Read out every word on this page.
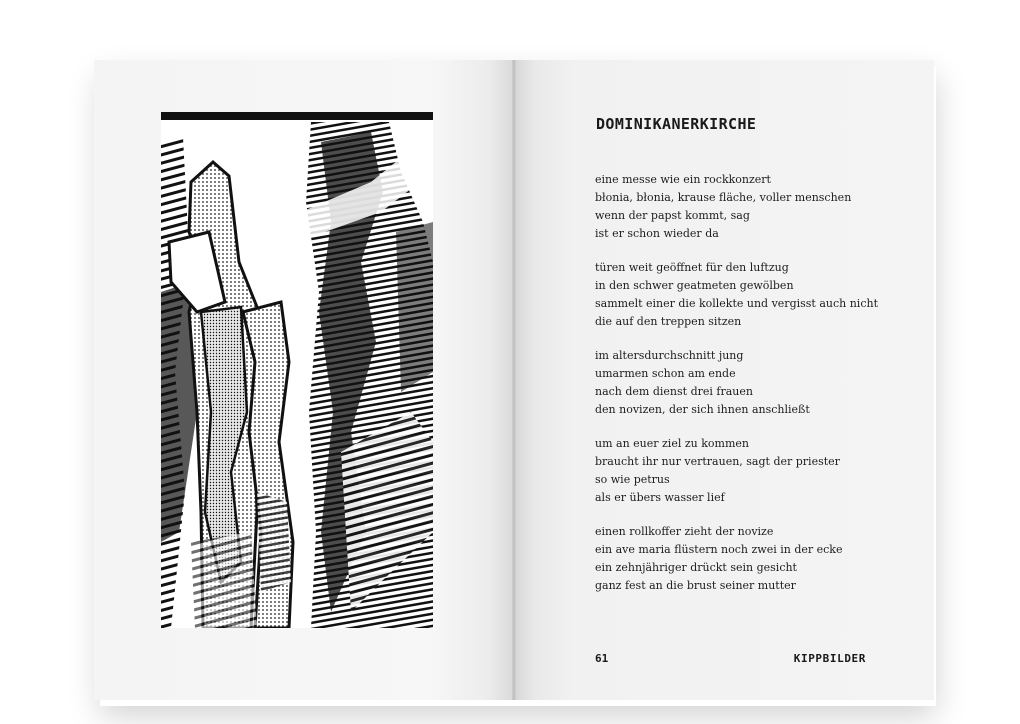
DOMINIKANERKIRCHE
eine messe wie ein rockkonzert
błonia, błonia, krause fläche, voller menschen
wenn der papst kommt, sag
ist er schon wieder da
türen weit geöffnet für den luftzug
in den schwer geatmeten gewölben
sammelt einer die kollekte und vergisst auch nicht
die auf den treppen sitzen
im altersdurchschnitt jung
umarmen schon am ende
nach dem dienst drei frauen
den novizen, der sich ihnen anschließt
um an euer ziel zu kommen
braucht ihr nur vertrauen, sagt der priester
so wie petrus
als er übers wasser lief
einen rollkoffer zieht der novize
ein ave maria flüstern noch zwei in der ecke
ein zehnjähriger drückt sein gesicht
ganz fest an die brust seiner mutter
61	KIPPBILDER
